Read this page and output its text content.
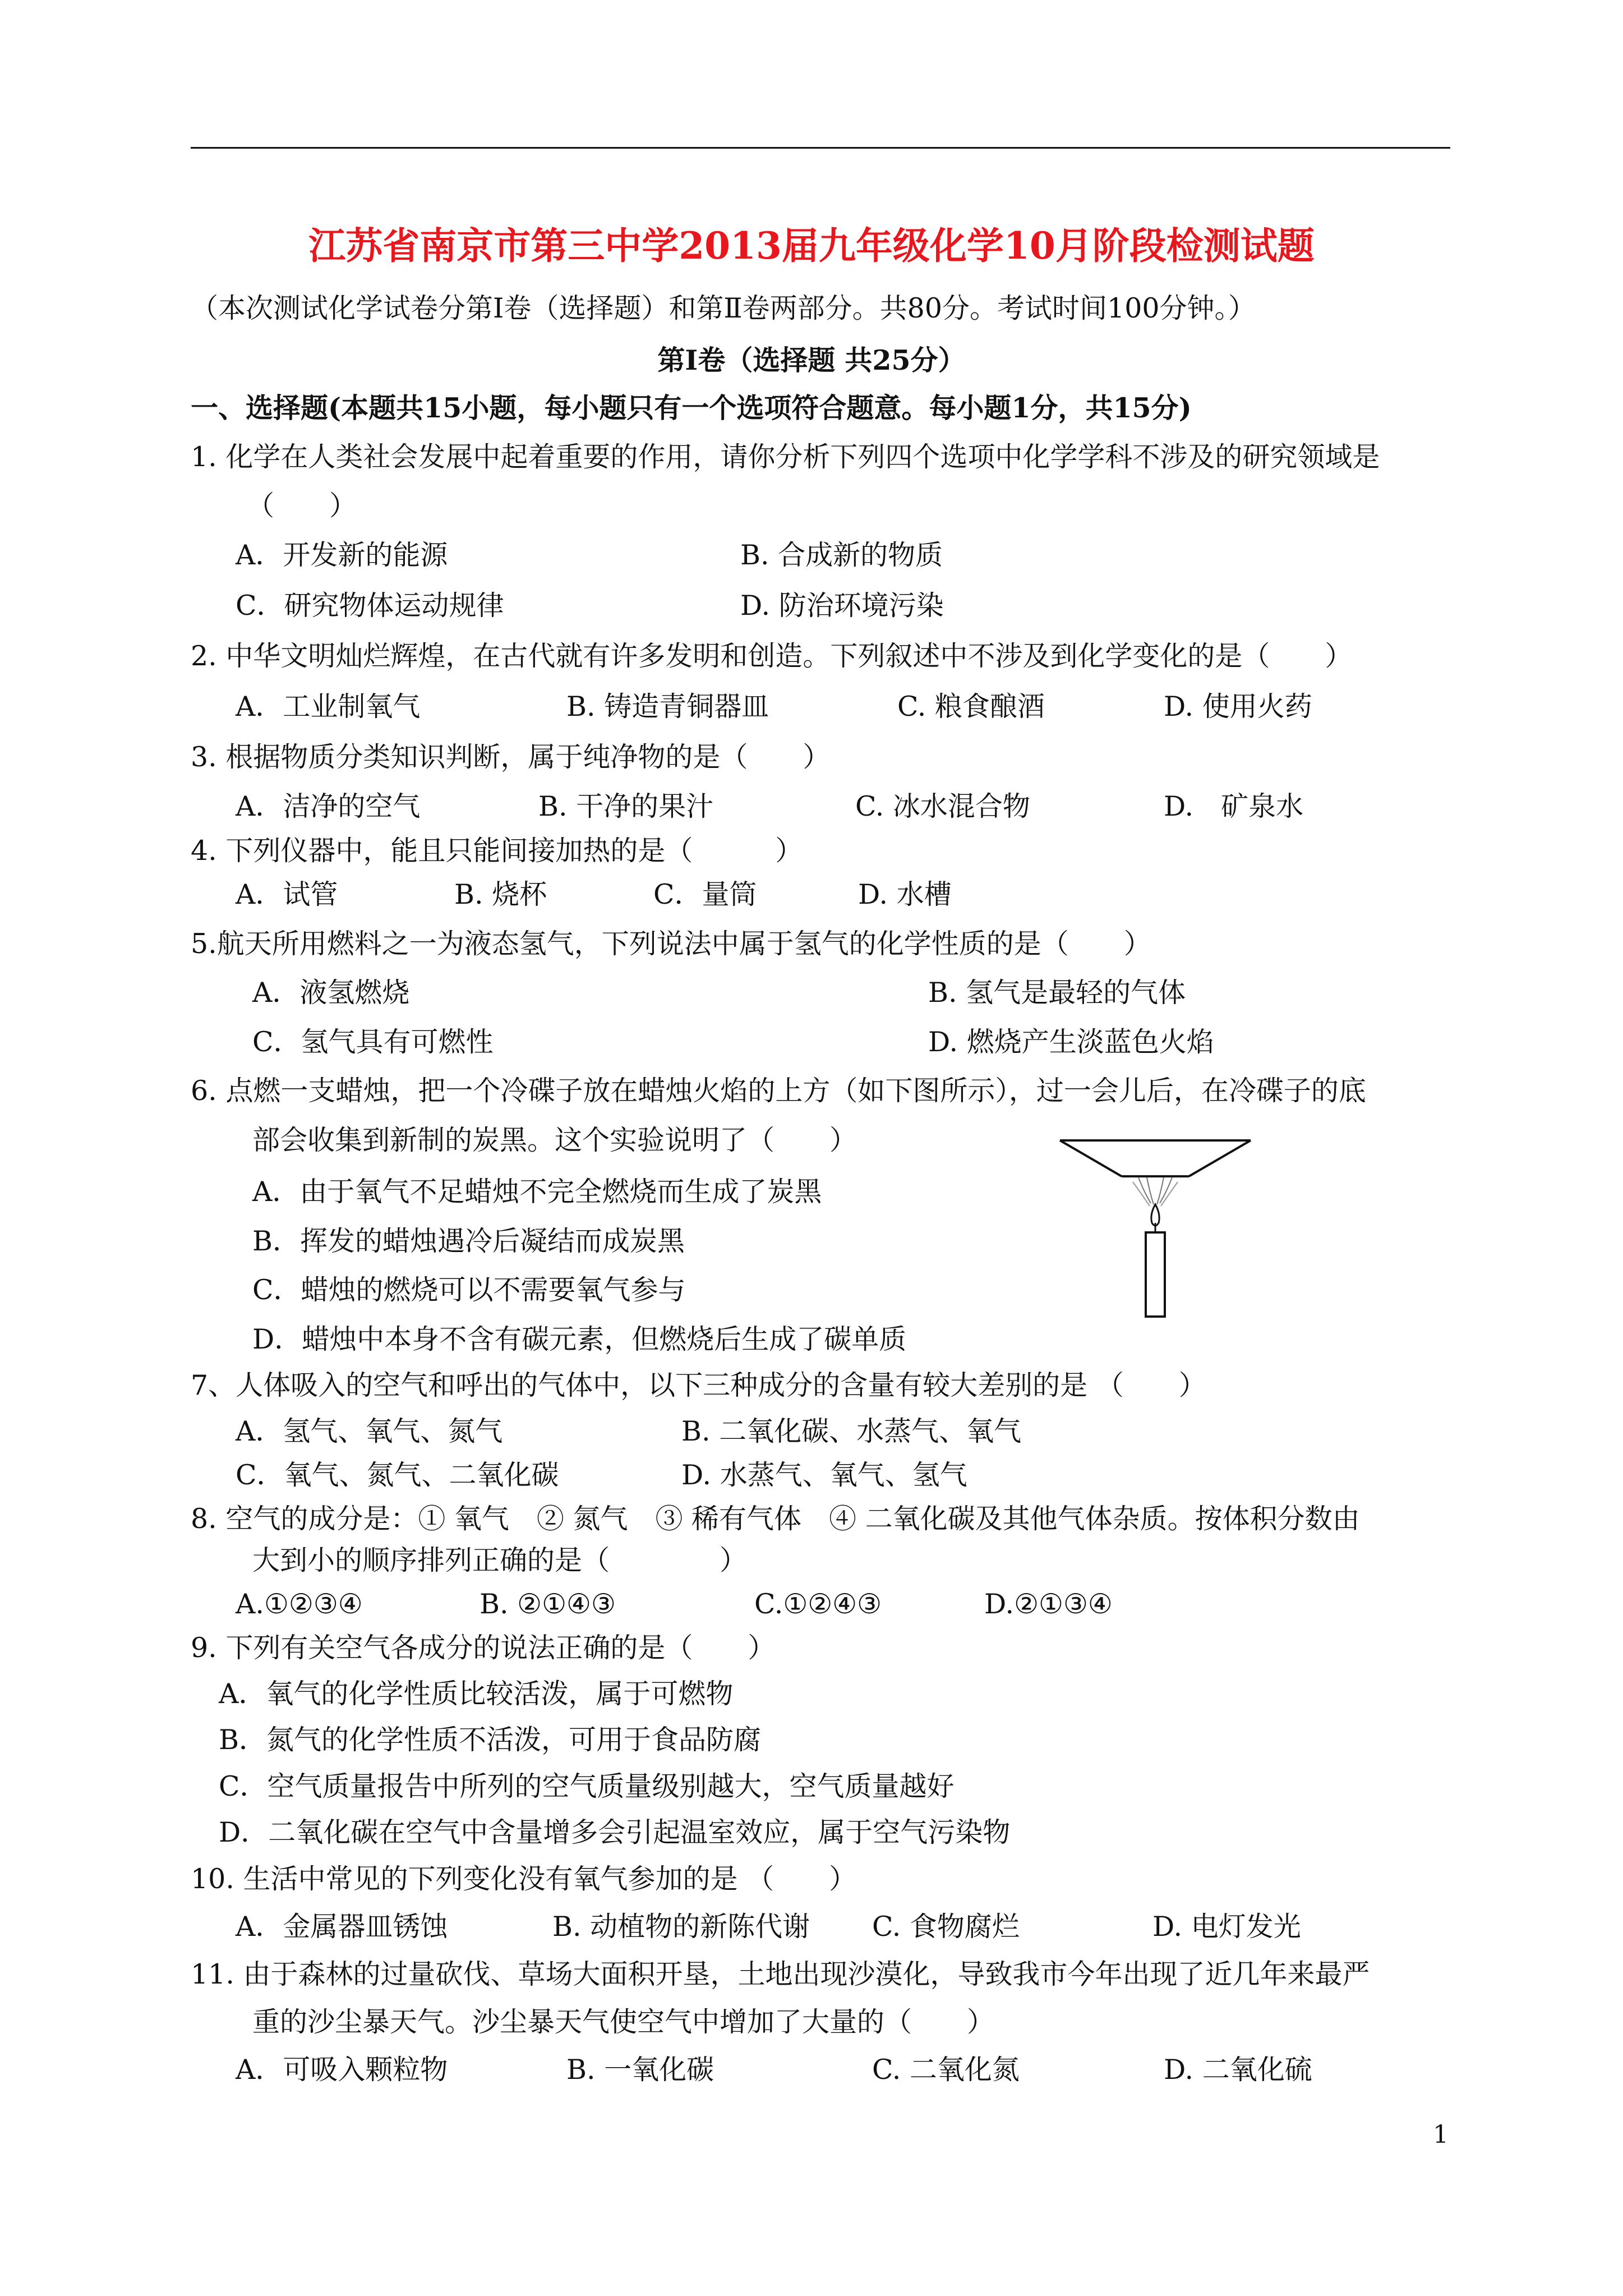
江苏省南京市第三中学2013届九年级化学10月阶段检测试题
（本次测试化学试卷分第Ⅰ卷（选择题）和第Ⅱ卷两部分。共80分。考试时间100分钟。）
第Ⅰ卷（选择题 共25分）
一、选择题(本题共15小题，每小题只有一个选项符合题意。每小题1分，共15分)
1. 化学在人类社会发展中起着重要的作用，请你分析下列四个选项中化学学科不涉及的研究领域是
（　　）
A．开发新的能源	B. 合成新的物质
C．研究物体运动规律	D. 防治环境污染
2. 中华文明灿烂辉煌，在古代就有许多发明和创造。下列叙述中不涉及到化学变化的是（　　）
A．工业制氧气	B. 铸造青铜器皿	C. 粮食酿酒	D. 使用火药
3. 根据物质分类知识判断，属于纯净物的是（　　）
A．洁净的空气	B. 干净的果汁	C. 冰水混合物	D.　矿泉水
4. 下列仪器中，能且只能间接加热的是（　　　）
A．试管	B. 烧杯	C．量筒	D. 水槽
5.航天所用燃料之一为液态氢气，下列说法中属于氢气的化学性质的是（　　）
A．液氢燃烧	B. 氢气是最轻的气体
C．氢气具有可燃性	D. 燃烧产生淡蓝色火焰
6. 点燃一支蜡烛，把一个冷碟子放在蜡烛火焰的上方（如下图所示），过一会儿后，在冷碟子的底
部会收集到新制的炭黑。这个实验说明了（　　）
A．由于氧气不足蜡烛不完全燃烧而生成了炭黑
B．挥发的蜡烛遇冷后凝结而成炭黑
C．蜡烛的燃烧可以不需要氧气参与
D．蜡烛中本身不含有碳元素，但燃烧后生成了碳单质
7、人体吸入的空气和呼出的气体中，以下三种成分的含量有较大差别的是 （　　）
A．氢气、氧气、氮气	B. 二氧化碳、水蒸气、氧气
C．氧气、氮气、二氧化碳	D. 水蒸气、氧气、氢气
8. 空气的成分是：① 氧气　② 氮气　③ 稀有气体　④ 二氧化碳及其他气体杂质。按体积分数由
大到小的顺序排列正确的是（　　　　）
A.①②③④	B. ②①④③	C.①②④③	D.②①③④
9. 下列有关空气各成分的说法正确的是（　　）
A．氧气的化学性质比较活泼，属于可燃物
B．氮气的化学性质不活泼，可用于食品防腐
C．空气质量报告中所列的空气质量级别越大，空气质量越好
D．二氧化碳在空气中含量增多会引起温室效应，属于空气污染物
10. 生活中常见的下列变化没有氧气参加的是 （　　）
A．金属器皿锈蚀	B. 动植物的新陈代谢 C. 食物腐烂	D. 电灯发光
11. 由于森林的过量砍伐、草场大面积开垦，土地出现沙漠化，导致我市今年出现了近几年来最严
重的沙尘暴天气。沙尘暴天气使空气中增加了大量的（　　）
A．可吸入颗粒物	B. 一氧化碳	C. 二氧化氮	D. 二氧化硫
1
